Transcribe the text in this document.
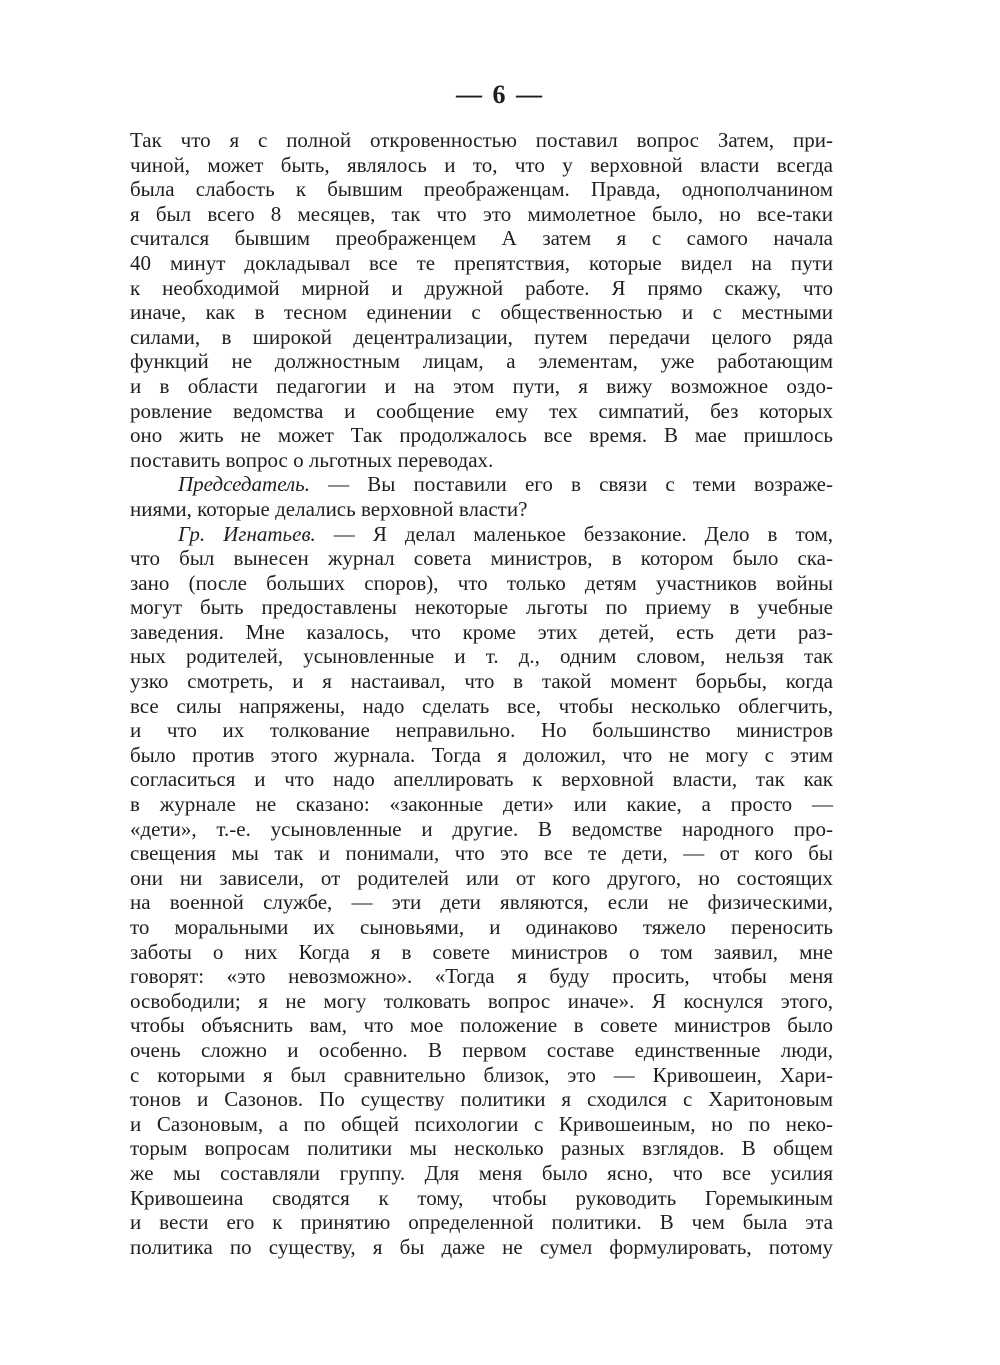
— 6 —
Так что я с полной откровенностью поставил вопрос Затем, при-
чиной, может быть, являлось и то, что у верховной власти всегда
была слабость к бывшим преображенцам. Правда, однополчанином
я был всего 8 месяцев, так что это мимолетное было, но все-таки
считался бывшим преображенцем А затем я с самого начала
40 минут докладывал все те препятствия, которые видел на пути
к необходимой мирной и дружной работе. Я прямо скажу, что
иначе, как в тесном единении с общественностью и с местными
силами, в широкой децентрализации, путем передачи целого ряда
функций не должностным лицам, а элементам, уже работающим
и в области педагогии и на этом пути, я вижу возможное оздо-
ровление ведомства и сообщение ему тех симпатий, без которых
оно жить не может Так продолжалось все время. В мае пришлось
поставить вопрос о льготных переводах.
Председатель. — Вы поставили его в связи с теми возраже-
ниями, которые делались верховной власти?
Гр. Игнатьев. — Я делал маленькое беззаконие. Дело в том,
что был вынесен журнал совета министров, в котором было ска-
зано (после больших споров), что только детям участников войны
могут быть предоставлены некоторые льготы по приему в учебные
заведения. Мне казалось, что кроме этих детей, есть дети раз-
ных родителей, усыновленные и т. д., одним словом, нельзя так
узко смотреть, и я настаивал, что в такой момент борьбы, когда
все силы напряжены, надо сделать все, чтобы несколько облегчить,
и что их толкование неправильно. Но большинство министров
было против этого журнала. Тогда я доложил, что не могу с этим
согласиться и что надо апеллировать к верховной власти, так как
в журнале не сказано: «законные дети» или какие, а просто —
«дети», т.-е. усыновленные и другие. В ведомстве народного про-
свещения мы так и понимали, что это все те дети, — от кого бы
они ни зависели, от родителей или от кого другого, но состоящих
на военной службе, — эти дети являются, если не физическими,
то моральными их сыновьями, и одинаково тяжело переносить
заботы о них Когда я в совете министров о том заявил, мне
говорят: «это невозможно». «Тогда я буду просить, чтобы меня
освободили; я не могу толковать вопрос иначе». Я коснулся этого,
чтобы объяснить вам, что мое положение в совете министров было
очень сложно и особенно. В первом составе единственные люди,
с которыми я был сравнительно близок, это — Кривошеин, Хари-
тонов и Сазонов. По существу политики я сходился с Харитоновым
и Сазоновым, а по общей психологии с Кривошеиным, но по неко-
торым вопросам политики мы несколько разных взглядов. В общем
же мы составляли группу. Для меня было ясно, что все усилия
Кривошеина сводятся к тому, чтобы руководить Горемыкиным
и вести его к принятию определенной политики. В чем была эта
политика по существу, я бы даже не сумел формулировать, потому
